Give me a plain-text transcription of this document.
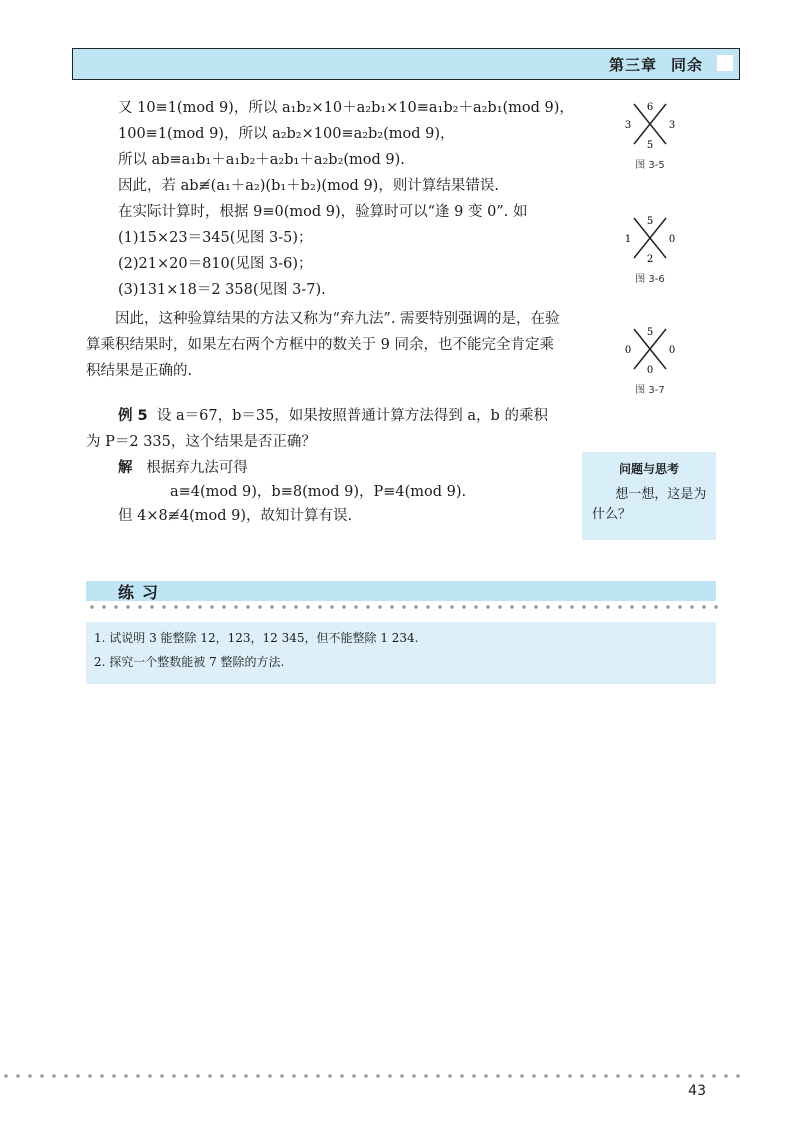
第三章 同余
又 10≡1(mod 9)，所以 a₁b₂×10＋a₂b₁×10≡a₁b₂＋a₂b₁(mod 9)，
100≡1(mod 9)，所以 a₂b₂×100≡a₂b₂(mod 9)，
所以 ab≡a₁b₁＋a₁b₂＋a₂b₁＋a₂b₂(mod 9).
因此，若 ab≢(a₁＋a₂)(b₁＋b₂)(mod 9)，则计算结果错误.
在实际计算时，根据 9≡0(mod 9)，验算时可以“逢 9 变 0”. 如
(1)15×23＝345(见图 3-5)；
(2)21×20＝810(见图 3-6)；
(3)131×18＝2 358(见图 3-7).
因此，这种验算结果的方法又称为“弃九法”. 需要特别强调的是，在验算乘积结果时，如果左右两个方框中的数关于 9 同余，也不能完全肯定乘积结果是正确的.
6
3	3
5
图 3-5
5
1	0
2
图 3-6
5
0	0
0
图 3-7
例 5 设 a＝67，b＝35，如果按照普通计算方法得到 a，b 的乘积
为 P＝2 335，这个结果是否正确？
解 根据弃九法可得
a≡4(mod 9)，b≡8(mod 9)，P≡4(mod 9).
但 4×8≢4(mod 9)，故知计算有误.
问题与思考
想一想，这是为什么？
练习
1. 试说明 3 能整除 12，123，12 345，但不能整除 1 234.
2. 探究一个整数能被 7 整除的方法.
43
